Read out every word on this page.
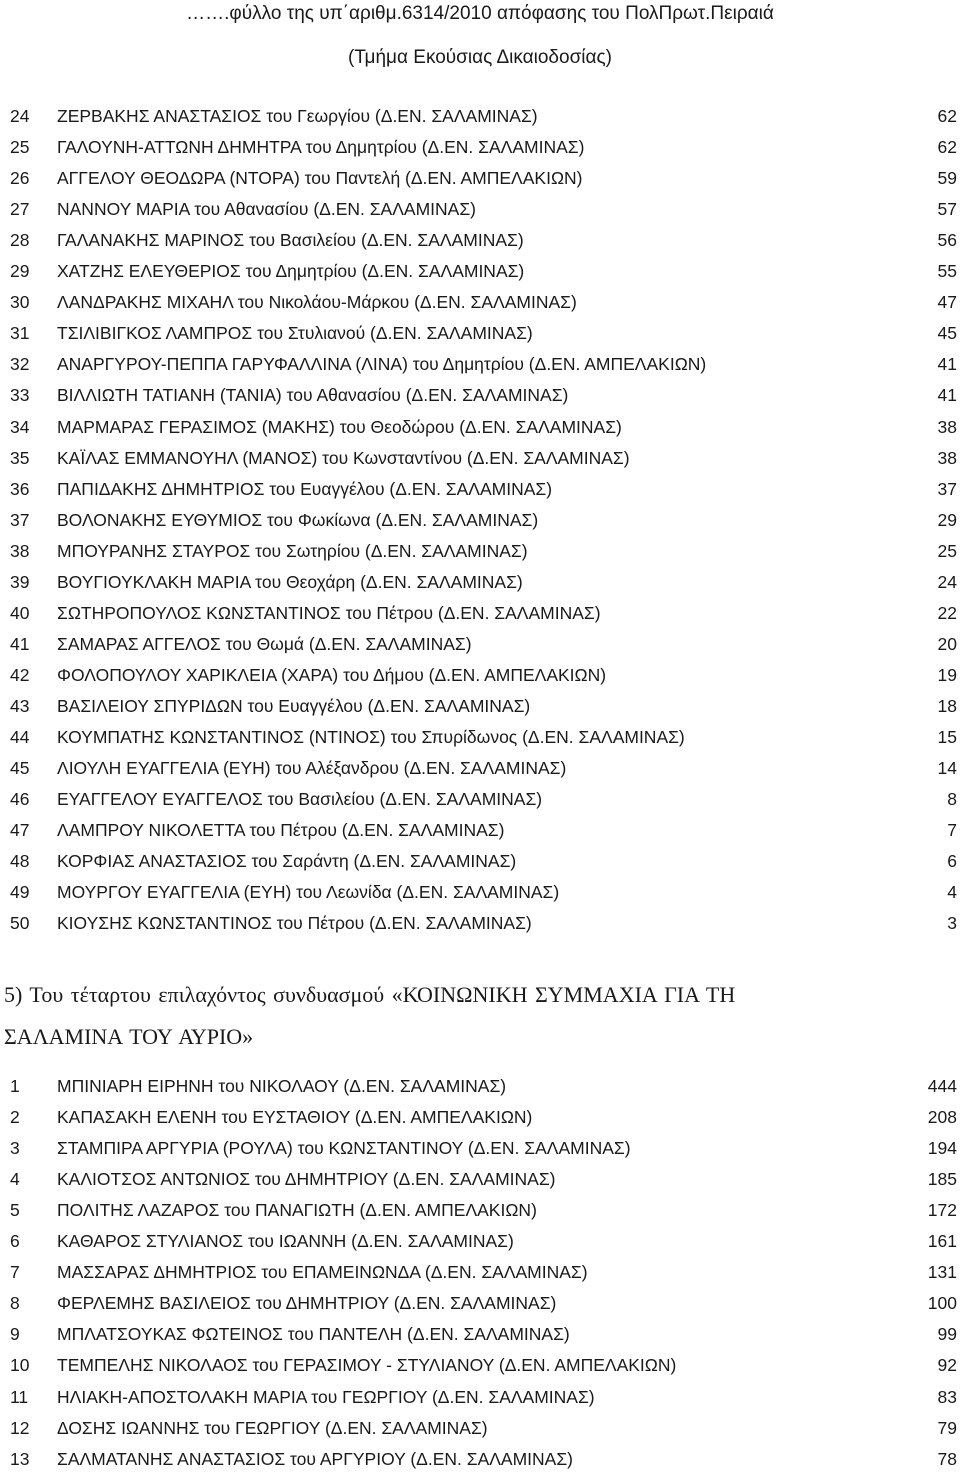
…….φύλλο της υπ΄αριθμ.6314/2010 απόφασης του ΠολΠρωτ.Πειραιά
(Τμήμα Εκούσιας Δικαιοδοσίας)
24 ΖΕΡΒΑΚΗΣ ΑΝΑΣΤΑΣΙΟΣ του Γεωργίου (Δ.ΕΝ. ΣΑΛΑΜΙΝΑΣ)	62
25 ΓΑΛΟΥΝΗ-ΑΤΤΩΝΗ ΔΗΜΗΤΡΑ του Δημητρίου (Δ.ΕΝ. ΣΑΛΑΜΙΝΑΣ)	62
26 ΑΓΓΕΛΟΥ ΘΕΟΔΩΡΑ (ΝΤΟΡΑ) του Παντελή (Δ.ΕΝ. ΑΜΠΕΛΑΚΙΩΝ)	59
27 ΝΑΝΝΟΥ ΜΑΡΙΑ του Αθανασίου (Δ.ΕΝ. ΣΑΛΑΜΙΝΑΣ)	57
28 ΓΑΛΑΝΑΚΗΣ ΜΑΡΙΝΟΣ του Βασιλείου (Δ.ΕΝ. ΣΑΛΑΜΙΝΑΣ)	56
29 ΧΑΤΖΗΣ ΕΛΕΥΘΕΡΙΟΣ του Δημητρίου (Δ.ΕΝ. ΣΑΛΑΜΙΝΑΣ)	55
30 ΛΑΝΔΡΑΚΗΣ ΜΙΧΑΗΛ του Νικολάου-Μάρκου (Δ.ΕΝ. ΣΑΛΑΜΙΝΑΣ)	47
31 ΤΣΙΛΙΒΙΓΚΟΣ ΛΑΜΠΡΟΣ του Στυλιανού (Δ.ΕΝ. ΣΑΛΑΜΙΝΑΣ)	45
32 ΑΝΑΡΓΥΡΟΥ-ΠΕΠΠΑ ΓΑΡΥΦΑΛΛΙΝΑ (ΛΙΝΑ) του Δημητρίου (Δ.ΕΝ. ΑΜΠΕΛΑΚΙΩΝ)	41
33 ΒΙΛΛΙΩΤΗ ΤΑΤΙΑΝΗ (ΤΑΝΙΑ) του Αθανασίου (Δ.ΕΝ. ΣΑΛΑΜΙΝΑΣ)	41
34 ΜΑΡΜΑΡΑΣ ΓΕΡΑΣΙΜΟΣ (ΜΑΚΗΣ) του Θεοδώρου (Δ.ΕΝ. ΣΑΛΑΜΙΝΑΣ)	38
35 ΚΑΪΛΑΣ ΕΜΜΑΝΟΥΗΛ (ΜΑΝΟΣ) του Κωνσταντίνου (Δ.ΕΝ. ΣΑΛΑΜΙΝΑΣ)	38
36 ΠΑΠΙΔΑΚΗΣ ΔΗΜΗΤΡΙΟΣ του Ευαγγέλου (Δ.ΕΝ. ΣΑΛΑΜΙΝΑΣ)	37
37 ΒΟΛΟΝΑΚΗΣ ΕΥΘΥΜΙΟΣ του Φωκίωνα (Δ.ΕΝ. ΣΑΛΑΜΙΝΑΣ)	29
38 ΜΠΟΥΡΑΝΗΣ ΣΤΑΥΡΟΣ του Σωτηρίου (Δ.ΕΝ. ΣΑΛΑΜΙΝΑΣ)	25
39 ΒΟΥΓΙΟΥΚΛΑΚΗ ΜΑΡΙΑ του Θεοχάρη (Δ.ΕΝ. ΣΑΛΑΜΙΝΑΣ)	24
40 ΣΩΤΗΡΟΠΟΥΛΟΣ ΚΩΝΣΤΑΝΤΙΝΟΣ του Πέτρου (Δ.ΕΝ. ΣΑΛΑΜΙΝΑΣ)	22
41 ΣΑΜΑΡΑΣ ΑΓΓΕΛΟΣ του Θωμά (Δ.ΕΝ. ΣΑΛΑΜΙΝΑΣ)	20
42 ΦΟΛΟΠΟΥΛΟΥ ΧΑΡΙΚΛΕΙΑ (ΧΑΡΑ) του Δήμου (Δ.ΕΝ. ΑΜΠΕΛΑΚΙΩΝ)	19
43 ΒΑΣΙΛΕΙΟΥ ΣΠΥΡΙΔΩΝ του Ευαγγέλου (Δ.ΕΝ. ΣΑΛΑΜΙΝΑΣ)	18
44 ΚΟΥΜΠΑΤΗΣ ΚΩΝΣΤΑΝΤΙΝΟΣ (ΝΤΙΝΟΣ) του Σπυρίδωνος (Δ.ΕΝ. ΣΑΛΑΜΙΝΑΣ)	15
45 ΛΙΟΥΛΗ ΕΥΑΓΓΕΛΙΑ (ΕΥΗ) του Αλέξανδρου (Δ.ΕΝ. ΣΑΛΑΜΙΝΑΣ)	14
46 ΕΥΑΓΓΕΛΟΥ ΕΥΑΓΓΕΛΟΣ του Βασιλείου (Δ.ΕΝ. ΣΑΛΑΜΙΝΑΣ)	8
47 ΛΑΜΠΡΟΥ ΝΙΚΟΛΕΤΤΑ του Πέτρου (Δ.ΕΝ. ΣΑΛΑΜΙΝΑΣ)	7
48 ΚΟΡΦΙΑΣ ΑΝΑΣΤΑΣΙΟΣ του Σαράντη (Δ.ΕΝ. ΣΑΛΑΜΙΝΑΣ)	6
49 ΜΟΥΡΓΟΥ ΕΥΑΓΓΕΛΙΑ (ΕΥΗ) του Λεωνίδα (Δ.ΕΝ. ΣΑΛΑΜΙΝΑΣ)	4
50 ΚΙΟΥΣΗΣ ΚΩΝΣΤΑΝΤΙΝΟΣ του Πέτρου (Δ.ΕΝ. ΣΑΛΑΜΙΝΑΣ)	3
5) Του τέταρτου επιλαχόντος συνδυασμού «ΚΟΙΝΩΝΙΚΗ ΣΥΜΜΑΧΙΑ ΓΙΑ ΤΗ
ΣΑΛΑΜΙΝΑ ΤΟΥ ΑΥΡΙΟ»
1 ΜΠΙΝΙΑΡΗ ΕΙΡΗΝΗ του ΝΙΚΟΛΑΟΥ (Δ.ΕΝ. ΣΑΛΑΜΙΝΑΣ)	444
2 ΚΑΠΑΣΑΚΗ ΕΛΕΝΗ του ΕΥΣΤΑΘΙΟΥ (Δ.ΕΝ. ΑΜΠΕΛΑΚΙΩΝ)	208
3 ΣΤΑΜΠΙΡΑ ΑΡΓΥΡΙΑ (ΡΟΥΛΑ) του ΚΩΝΣΤΑΝΤΙΝΟΥ (Δ.ΕΝ. ΣΑΛΑΜΙΝΑΣ)	194
4 ΚΑΛΙΟΤΣΟΣ ΑΝΤΩΝΙΟΣ του ΔΗΜΗΤΡΙΟΥ (Δ.ΕΝ. ΣΑΛΑΜΙΝΑΣ)	185
5 ΠΟΛΙΤΗΣ ΛΑΖΑΡΟΣ του ΠΑΝΑΓΙΩΤΗ (Δ.ΕΝ. ΑΜΠΕΛΑΚΙΩΝ)	172
6 ΚΑΘΑΡΟΣ ΣΤΥΛΙΑΝΟΣ του ΙΩΑΝΝΗ (Δ.ΕΝ. ΣΑΛΑΜΙΝΑΣ)	161
7 ΜΑΣΣΑΡΑΣ ΔΗΜΗΤΡΙΟΣ του ΕΠΑΜΕΙΝΩΝΔΑ (Δ.ΕΝ. ΣΑΛΑΜΙΝΑΣ)	131
8 ΦΕΡΛΕΜΗΣ ΒΑΣΙΛΕΙΟΣ του ΔΗΜΗΤΡΙΟΥ (Δ.ΕΝ. ΣΑΛΑΜΙΝΑΣ)	100
9 ΜΠΛΑΤΣΟΥΚΑΣ ΦΩΤΕΙΝΟΣ του ΠΑΝΤΕΛΗ (Δ.ΕΝ. ΣΑΛΑΜΙΝΑΣ)	99
10 ΤΕΜΠΕΛΗΣ ΝΙΚΟΛΑΟΣ του ΓΕΡΑΣΙΜΟΥ - ΣΤΥΛΙΑΝΟΥ (Δ.ΕΝ. ΑΜΠΕΛΑΚΙΩΝ)	92
11 ΗΛΙΑΚΗ-ΑΠΟΣΤΟΛΑΚΗ ΜΑΡΙΑ του ΓΕΩΡΓΙΟΥ (Δ.ΕΝ. ΣΑΛΑΜΙΝΑΣ)	83
12 ΔΟΣΗΣ ΙΩΑΝΝΗΣ του ΓΕΩΡΓΙΟΥ (Δ.ΕΝ. ΣΑΛΑΜΙΝΑΣ)	79
13 ΣΑΛΜΑΤΑΝΗΣ ΑΝΑΣΤΑΣΙΟΣ του ΑΡΓΥΡΙΟΥ (Δ.ΕΝ. ΣΑΛΑΜΙΝΑΣ)	78
